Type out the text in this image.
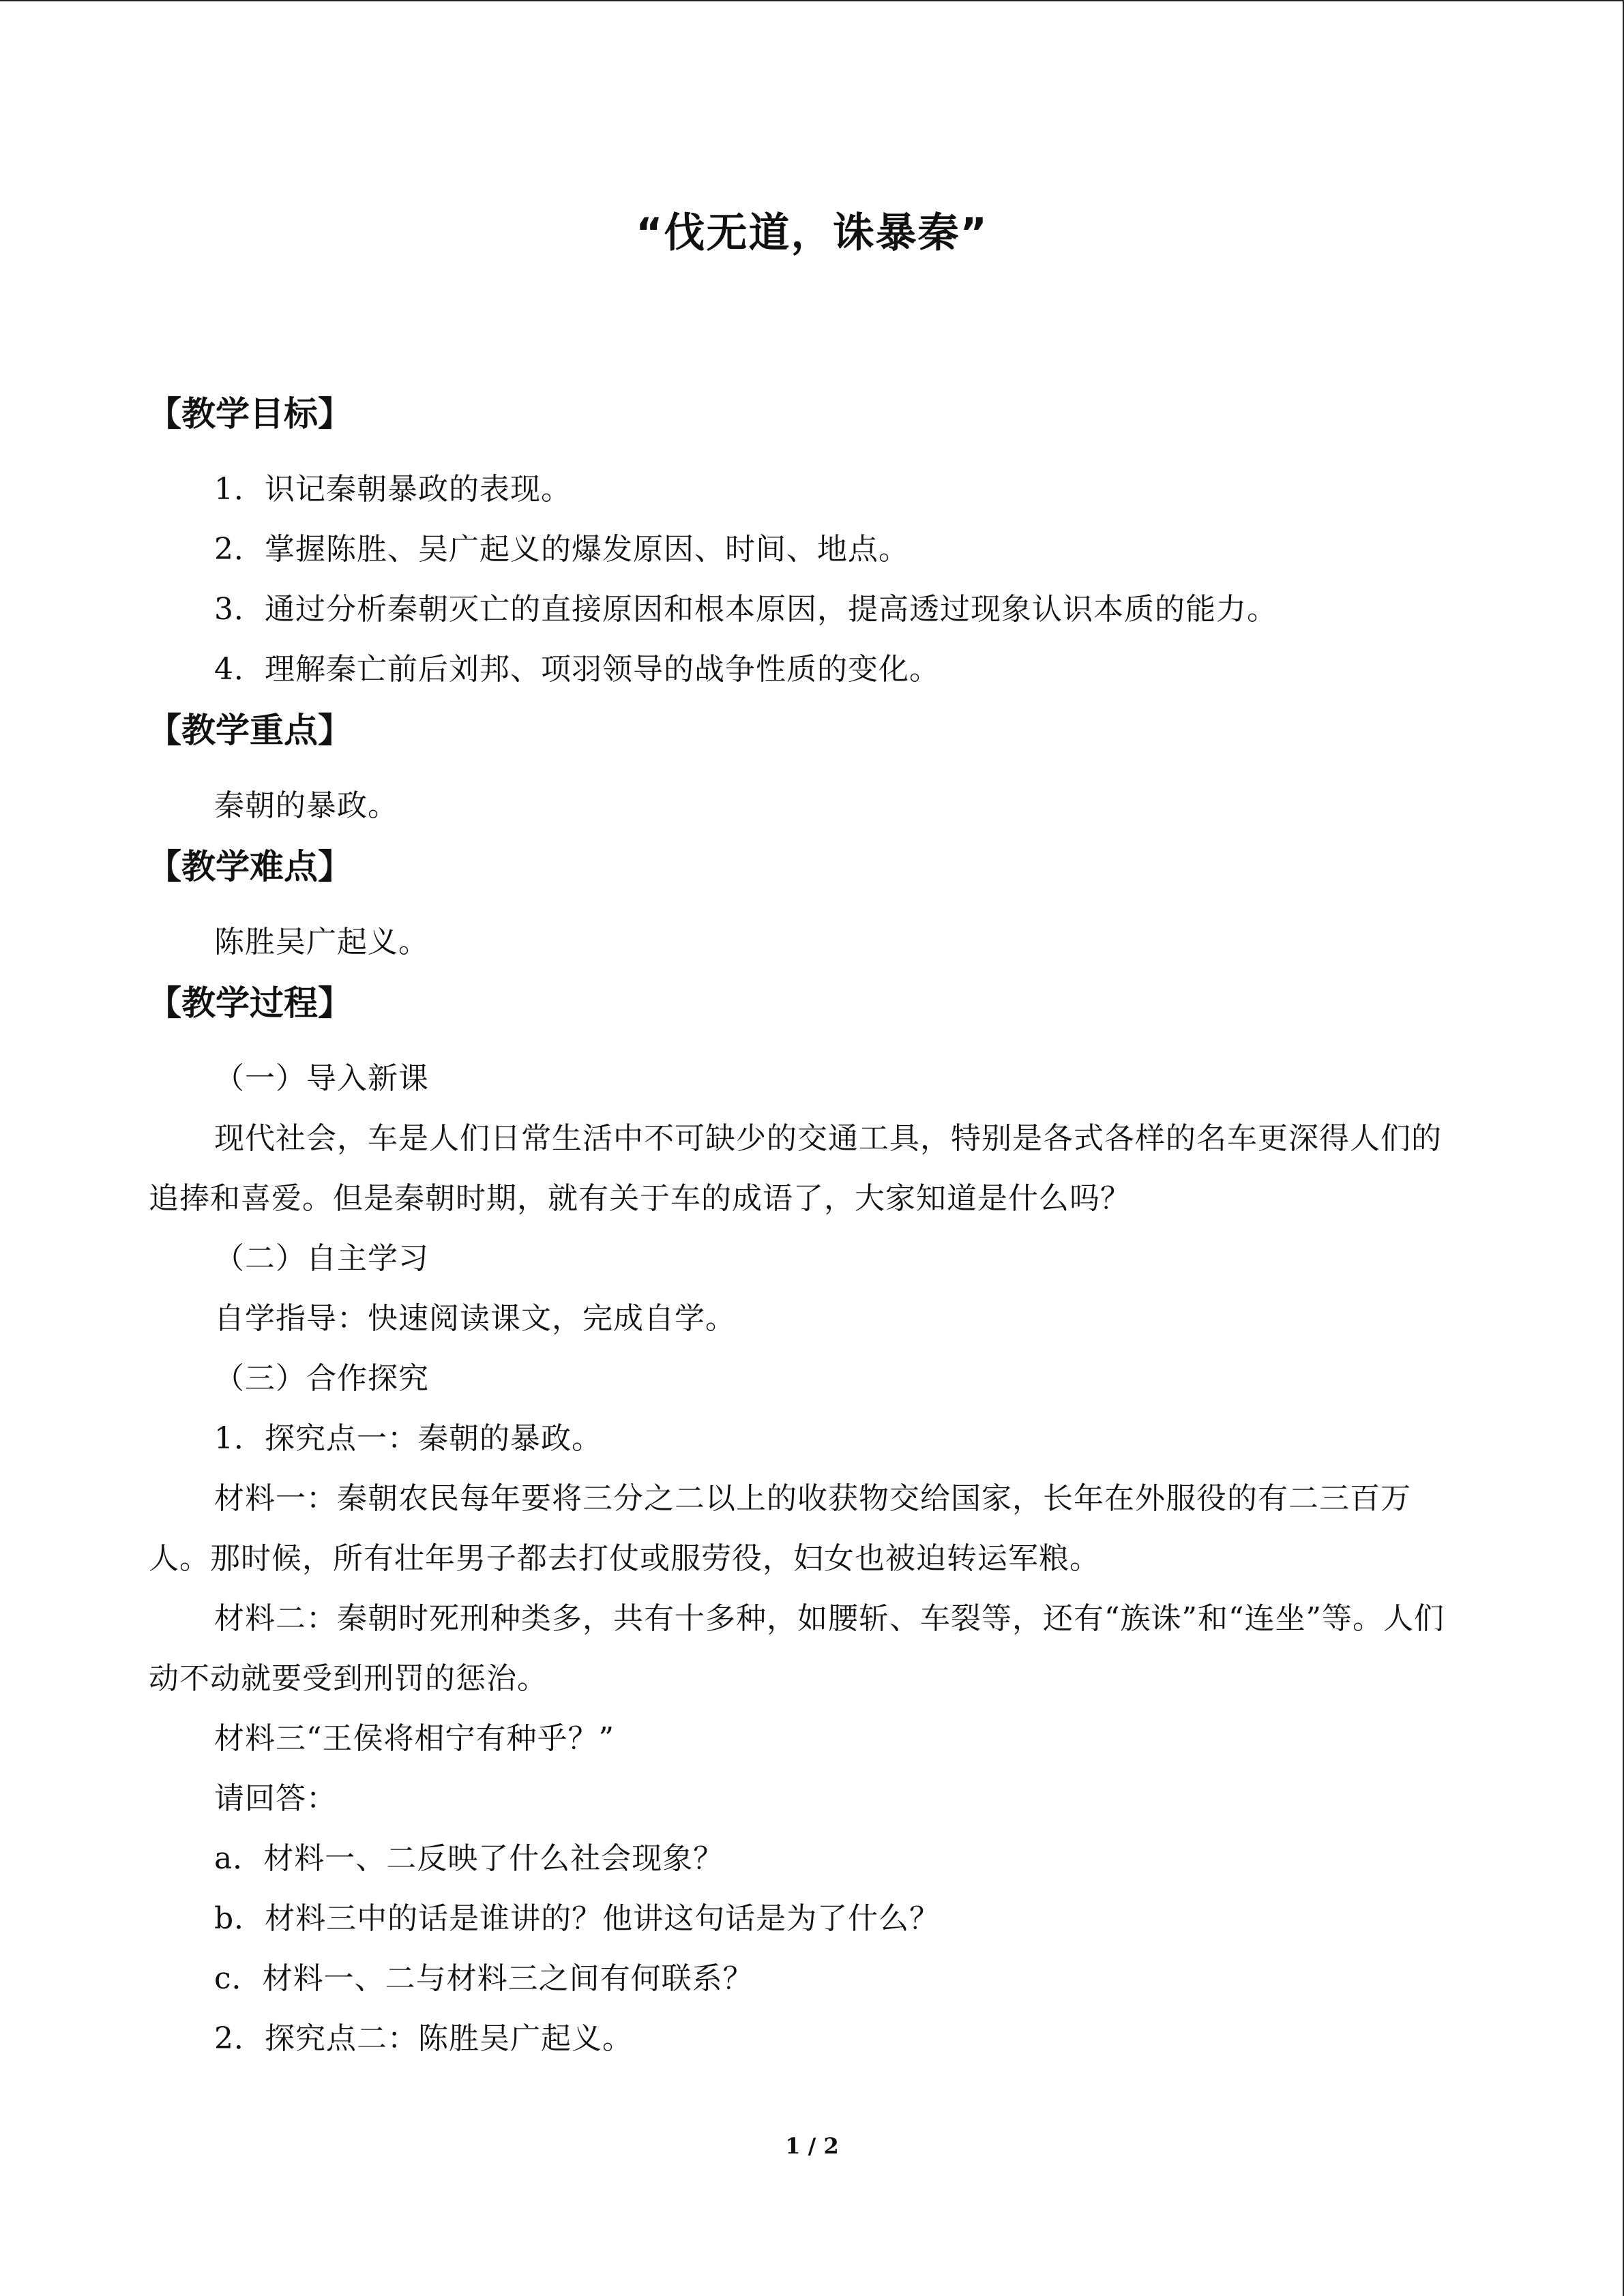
“伐无道，诛暴秦”
【教学目标】

1．识记秦朝暴政的表现。

2．掌握陈胜、吴广起义的爆发原因、时间、地点。

3．通过分析秦朝灭亡的直接原因和根本原因，提高透过现象认识本质的能力。

4．理解秦亡前后刘邦、项羽领导的战争性质的变化。

【教学重点】

秦朝的暴政。

【教学难点】

陈胜吴广起义。

【教学过程】

（一）导入新课

现代社会，车是人们日常生活中不可缺少的交通工具，特别是各式各样的名车更深得人们的追捧和喜爱。但是秦朝时期，就有关于车的成语了，大家知道是什么吗？

（二）自主学习

自学指导：快速阅读课文，完成自学。

（三）合作探究

1．探究点一：秦朝的暴政。

材料一：秦朝农民每年要将三分之二以上的收获物交给国家，长年在外服役的有二三百万人。那时候，所有壮年男子都去打仗或服劳役，妇女也被迫转运军粮。

材料二：秦朝时死刑种类多，共有十多种，如腰斩、车裂等，还有“族诛”和“连坐”等。人们动不动就要受到刑罚的惩治。

材料三“王侯将相宁有种乎？”

请回答：

a．材料一、二反映了什么社会现象？

b．材料三中的话是谁讲的？他讲这句话是为了什么？

c．材料一、二与材料三之间有何联系？

2．探究点二：陈胜吴广起义。

1 / 2
